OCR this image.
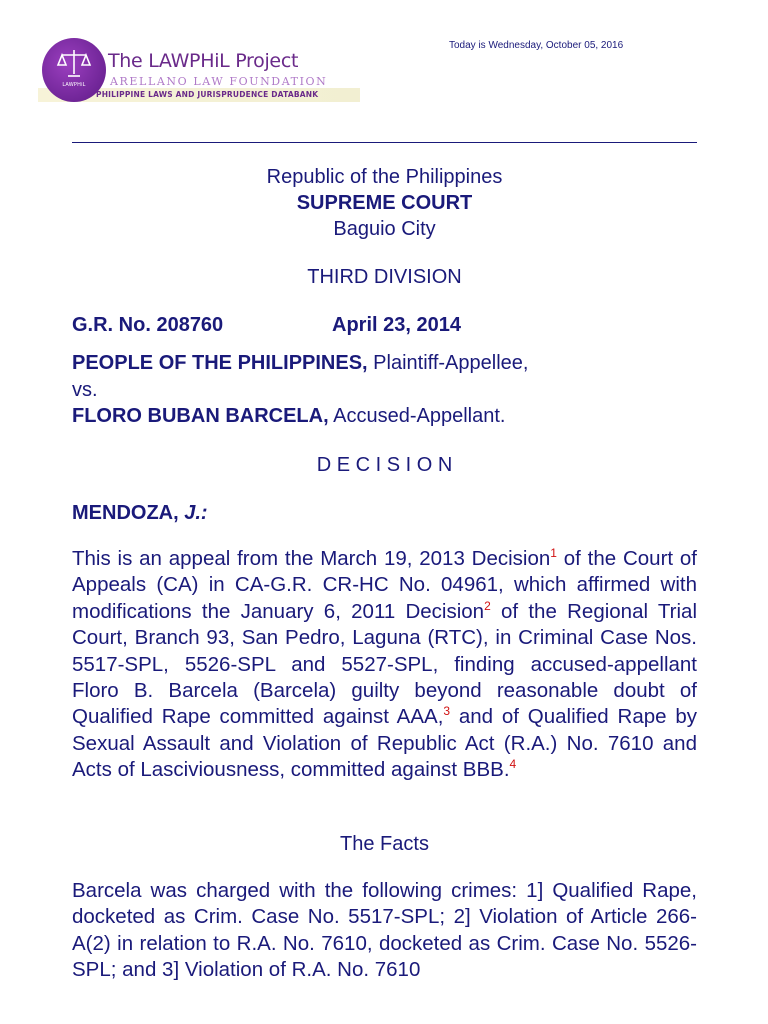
PHILIPPINE LAWS AND JURISPRUDENCE DATABANK
LAWPHiL
The LAWPHiL Project
ARELLANO LAW FOUNDATION
Today is Wednesday, October 05, 2016
Republic of the Philippines
SUPREME COURT
Baguio City
THIRD DIVISION
G.R. No. 208760	April 23, 2014
PEOPLE OF THE PHILIPPINES, Plaintiff-Appellee,
vs.
FLORO BUBAN BARCELA, Accused-Appellant.
D E C I S I O N
MENDOZA, J.:
This is an appeal from the March 19, 2013 Decision$^1$ of the Court of Appeals (CA) in CA-G.R. CR-HC No. 04961, which affirmed with modifications the January 6, 2011 Decision$^2$ of the Regional Trial Court, Branch 93, San Pedro, Laguna (RTC), in Criminal Case Nos. 5517-SPL, 5526-SPL and 5527-SPL, finding accused-appellant Floro B. Barcela (Barcela) guilty beyond reasonable doubt of Qualified Rape committed against AAA,$^3$ and of Qualified Rape by Sexual Assault and Violation of Republic Act (R.A.) No. 7610 and Acts of Lasciviousness, committed against BBB.$^4$
The Facts
Barcela was charged with the following crimes: 1] Qualified Rape, docketed as Crim. Case No. 5517-SPL; 2] Violation of Article 266-A(2) in relation to R.A. No. 7610, docketed as Crim. Case No. 5526-SPL; and 3] Violation of R.A. No. 7610
